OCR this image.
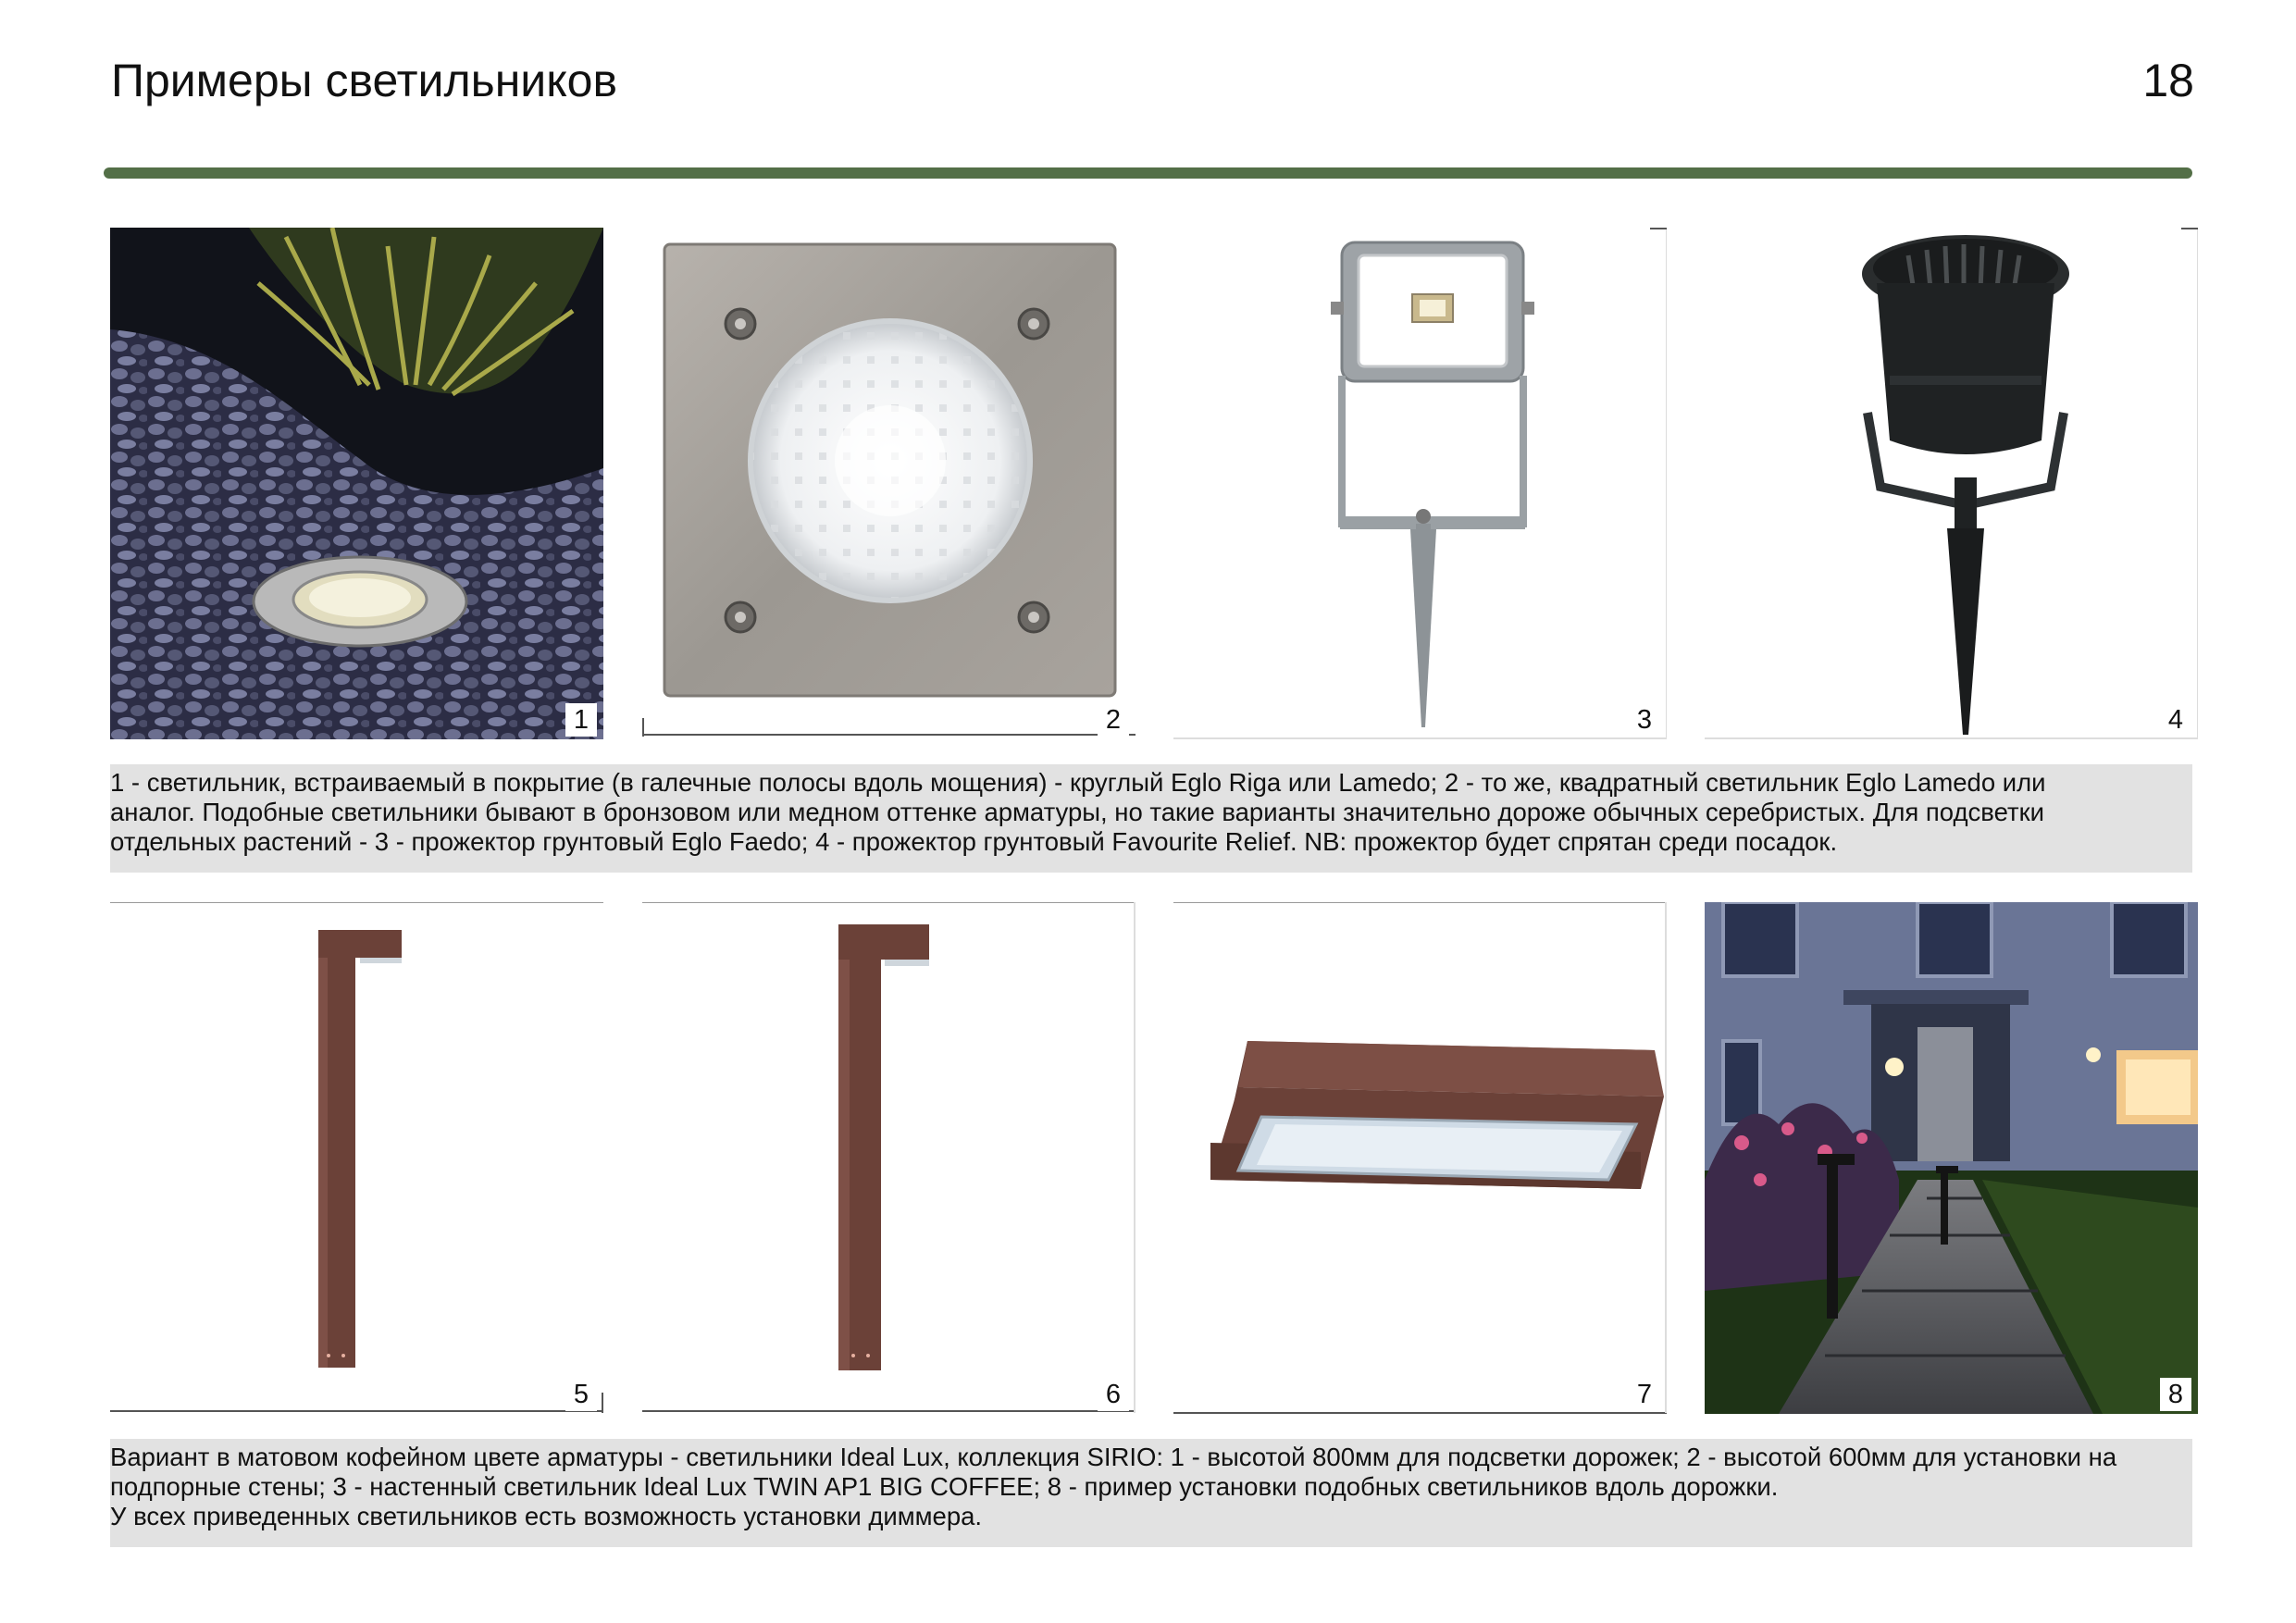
Примеры светильников	18
1	2	3	4
1 - светильник, встраиваемый в покрытие (в галечные полосы вдоль мощения) - круглый Eglo Riga или Lamedo; 2 - то же, квадратный светильник Eglo Lamedo или
аналог. Подобные светильники бывают в бронзовом или медном оттенке арматуры, но такие варианты значительно дороже обычных серебристых. Для подсветки
отдельных растений - 3 - прожектор грунтовый Eglo Faedo; 4 - прожектор грунтовый Favourite Relief. NB: прожектор будет спрятан среди посадок.
5	6	7	8
Вариант в матовом кофейном цвете арматуры - светильники Ideal Lux, коллекция SIRIO: 1 - высотой 800мм для подсветки дорожек; 2 - высотой 600мм для установки на
подпорные стены; 3 - настенный светильник Ideal Lux TWIN AP1 BIG COFFEE; 8 - пример установки подобных светильников вдоль дорожки.
У всех приведенных светильников есть возможность установки диммера.
